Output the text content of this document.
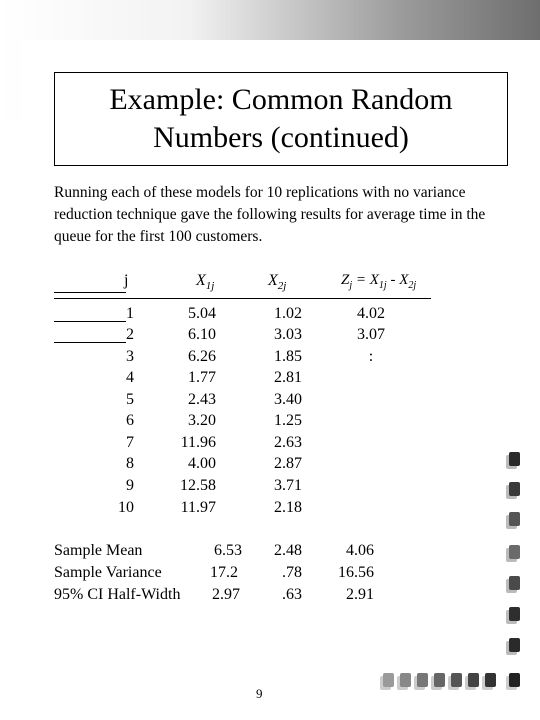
Example: Common Random
Numbers (continued)
Running each of these models for 10 replications with no variance reduction technique gave the following results for average time in the queue for the first 100 customers.
j	$X_{1j}$	$X_{2j}$	$Z_j = X_{1j} - X_{2j}$
1	5.04	1.02	4.02
2	6.10	3.03	3.07
3	6.26	1.85	:
4	1.77	2.81
5	2.43	3.40
6	3.20	1.25
7	11.96	2.63
8	4.00	2.87
9	12.58	3.71
10	11.97	2.18
Sample Mean	6.53	2.48	4.06
Sample Variance	17.2	.78	16.56
95% CI Half-Width	2.97	.63	2.91
9
